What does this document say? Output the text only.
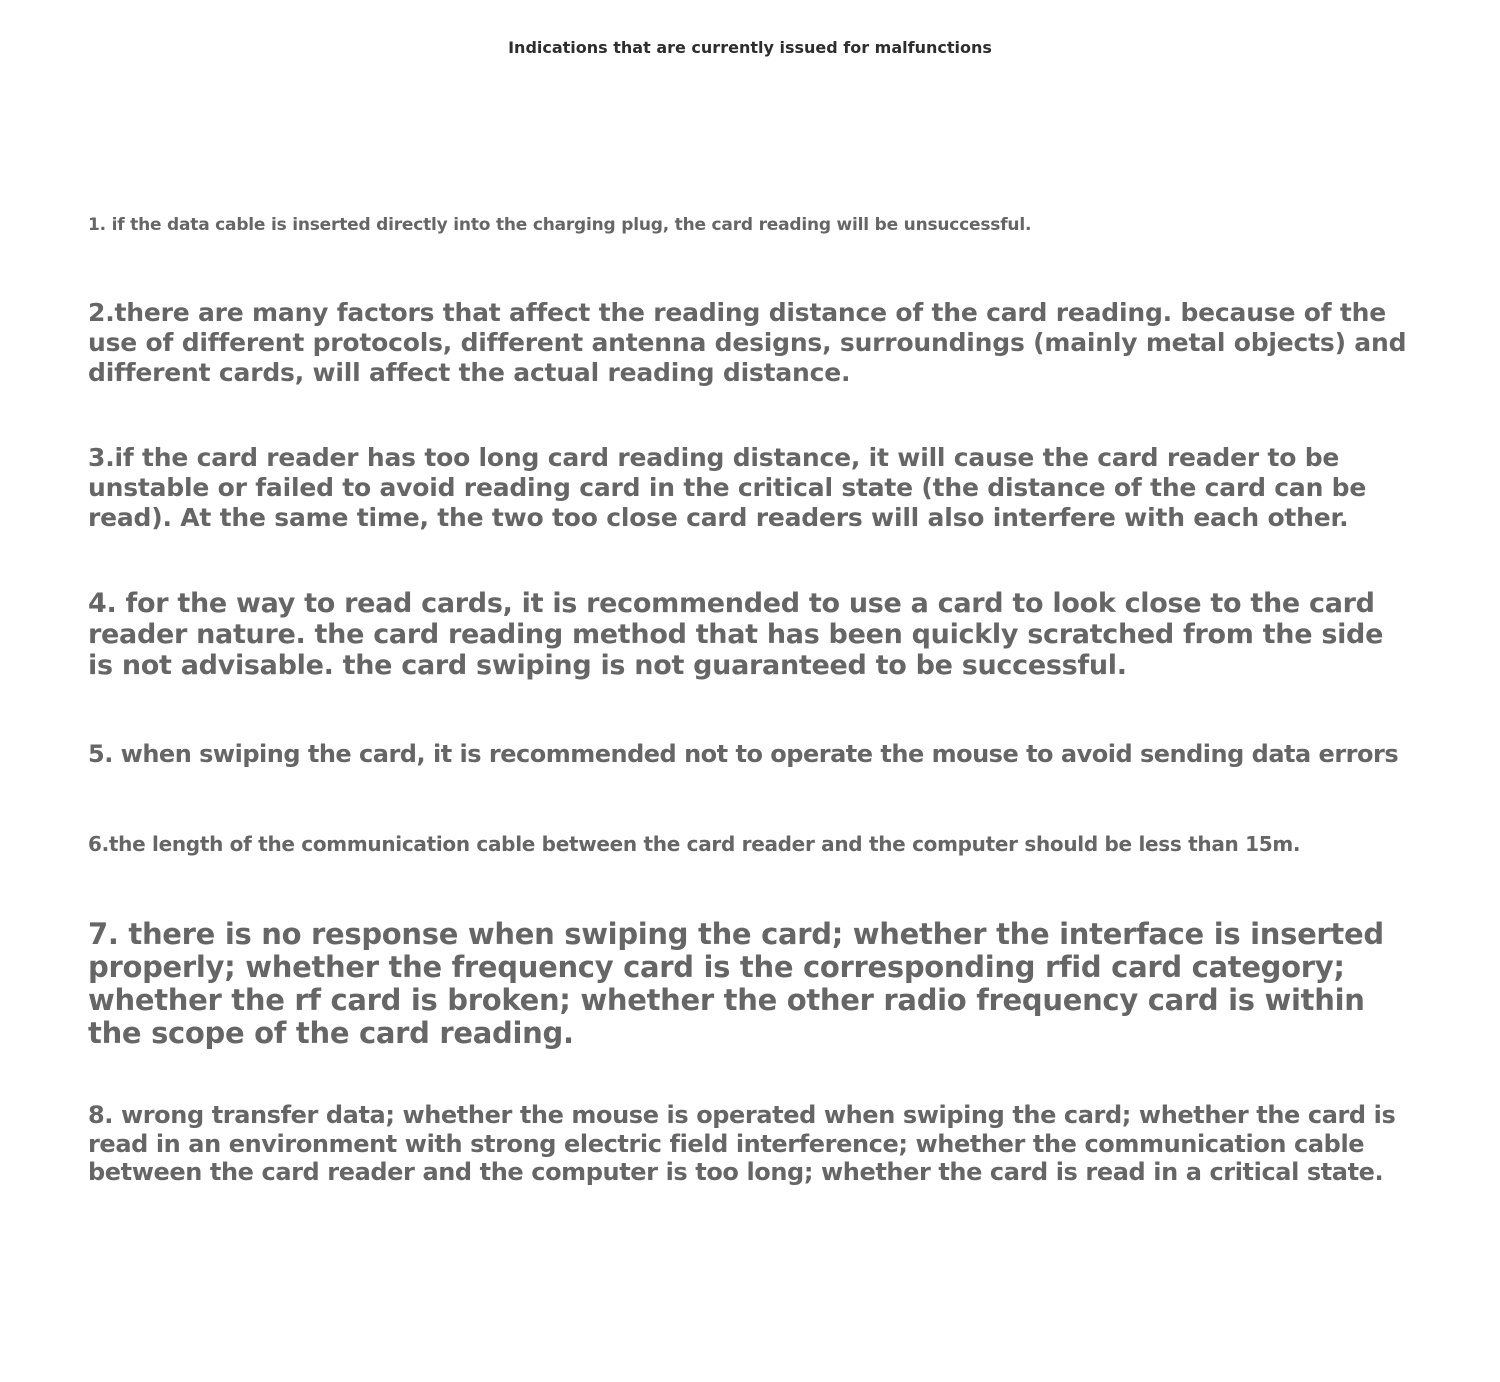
Indications that are currently issued for malfunctions

1. if the data cable is inserted directly into the charging plug, the card reading will be unsuccessful.

2.there are many factors that affect the reading distance of the card reading. because of the use of different protocols, different antenna designs, surroundings (mainly metal objects) and different cards, will affect the actual reading distance.

3.if the card reader has too long card reading distance, it will cause the card reader to be unstable or failed to avoid reading card in the critical state (the distance of the card can be read). At the same time, the two too close card readers will also interfere with each other.

4. for the way to read cards, it is recommended to use a card to look close to the card reader nature. the card reading method that has been quickly scratched from the side is not advisable. the card swiping is not guaranteed to be successful.

5. when swiping the card, it is recommended not to operate the mouse to avoid sending data errors

6.the length of the communication cable between the card reader and the computer should be less than 15m.

7. there is no response when swiping the card; whether the interface is inserted properly; whether the frequency card is the corresponding rfid card category; whether the rf card is broken; whether the other radio frequency card is within the scope of the card reading.

8. wrong transfer data; whether the mouse is operated when swiping the card; whether the card is read in an environment with strong electric field interference; whether the communication cable between the card reader and the computer is too long; whether the card is read in a critical state.
